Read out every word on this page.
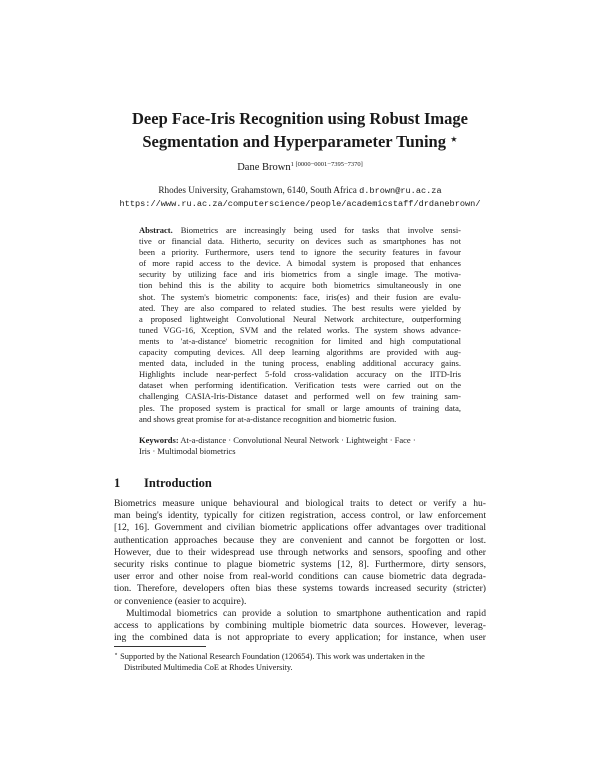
Deep Face-Iris Recognition using Robust Image
Segmentation and Hyperparameter Tuning ⋆
Dane Brown$^{1 [0000-0001-7395-7370]}$
Rhodes University, Grahamstown, 6140, South Africa d.brown@ru.ac.za
https://www.ru.ac.za/computerscience/people/academicstaff/drdanebrown/
Abstract. Biometrics are increasingly being used for tasks that involve sensi-
tive or financial data. Hitherto, security on devices such as smartphones has not
been a priority. Furthermore, users tend to ignore the security features in favour
of more rapid access to the device. A bimodal system is proposed that enhances
security by utilizing face and iris biometrics from a single image. The motiva-
tion behind this is the ability to acquire both biometrics simultaneously in one
shot. The system's biometric components: face, iris(es) and their fusion are evalu-
ated. They are also compared to related studies. The best results were yielded by
a proposed lightweight Convolutional Neural Network architecture, outperforming
tuned VGG-16, Xception, SVM and the related works. The system shows advance-
ments to 'at-a-distance' biometric recognition for limited and high computational
capacity computing devices. All deep learning algorithms are provided with aug-
mented data, included in the tuning process, enabling additional accuracy gains.
Highlights include near-perfect 5-fold cross-validation accuracy on the IITD-Iris
dataset when performing identification. Verification tests were carried out on the
challenging CASIA-Iris-Distance dataset and performed well on few training sam-
ples. The proposed system is practical for small or large amounts of training data,
and shows great promise for at-a-distance recognition and biometric fusion.
Keywords: At-a-distance · Convolutional Neural Network · Lightweight · Face ·
Iris · Multimodal biometrics
1 Introduction
Biometrics measure unique behavioural and biological traits to detect or verify a hu-
man being's identity, typically for citizen registration, access control, or law enforcement
[12, 16]. Government and civilian biometric applications offer advantages over traditional
authentication approaches because they are convenient and cannot be forgotten or lost.
However, due to their widespread use through networks and sensors, spoofing and other
security risks continue to plague biometric systems [12, 8]. Furthermore, dirty sensors,
user error and other noise from real-world conditions can cause biometric data degrada-
tion. Therefore, developers often bias these systems towards increased security (stricter)
or convenience (easier to acquire).
Multimodal biometrics can provide a solution to smartphone authentication and rapid
access to applications by combining multiple biometric data sources. However, leverag-
ing the combined data is not appropriate to every application; for instance, when user
⋆ Supported by the National Research Foundation (120654). This work was undertaken in the
Distributed Multimedia CoE at Rhodes University.
